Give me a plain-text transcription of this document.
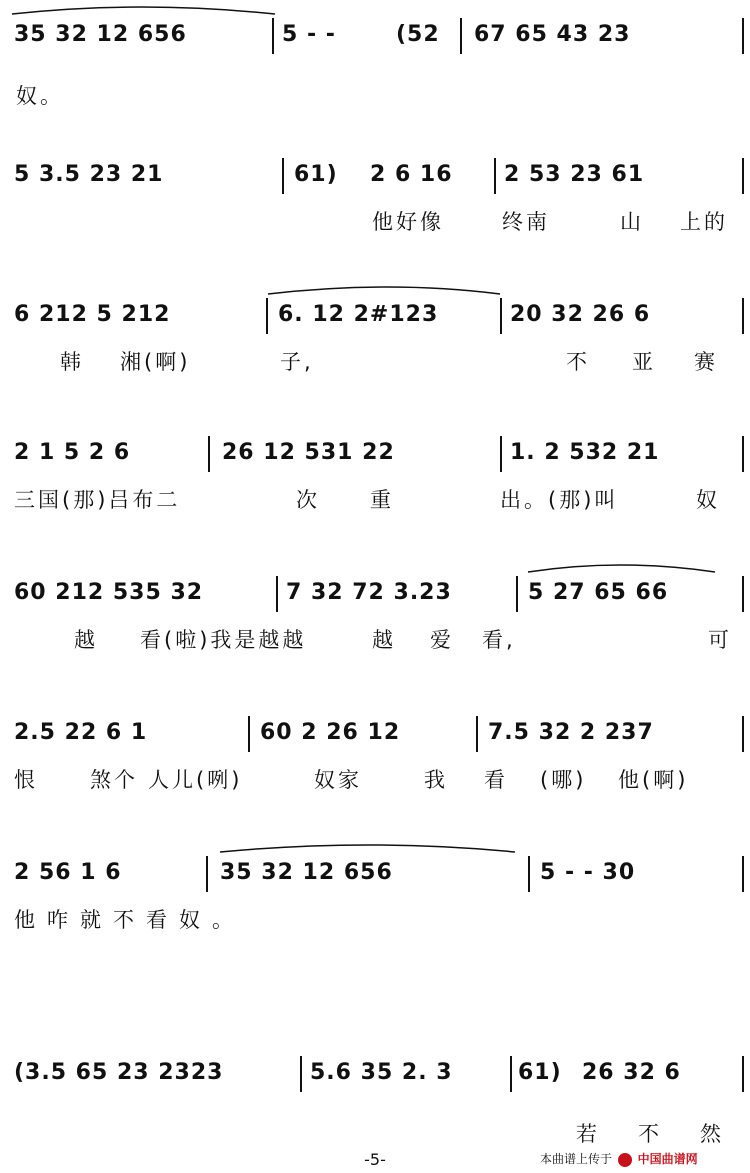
35 32 12 656	5 - -	(52 67 65 43 23
奴。
5 3.5 23 21	61) 2 6 16 2 53 23 61
他好像	终南	山 上的
6 212 5 212	6. 12 2#123	20 32 26 6
韩 湘(啊)	子,	不 亚 赛
2 1 5 2 6	26 12 531 22	1. 2 532 21
三国(那)吕布二	次 重	出。(那)叫	奴
60 212 535 32	7 32 72 3.23	5 27 65 66
越 看(啦)我是越越	越 爱 看,	可
2.5 22 6 1	60 2 26 12	7.5 32 2 237
恨 煞个 人儿(咧)	奴家	我 看 (哪) 他(啊)
2 56 1 6	35 32 12 656	5 - - 30
他咋就不看奴。
(3.5 65 23 2323	5.6 35 2. 3	61) 26 32 6
若 不 然
-5-	本曲谱上传于 中国曲谱网
